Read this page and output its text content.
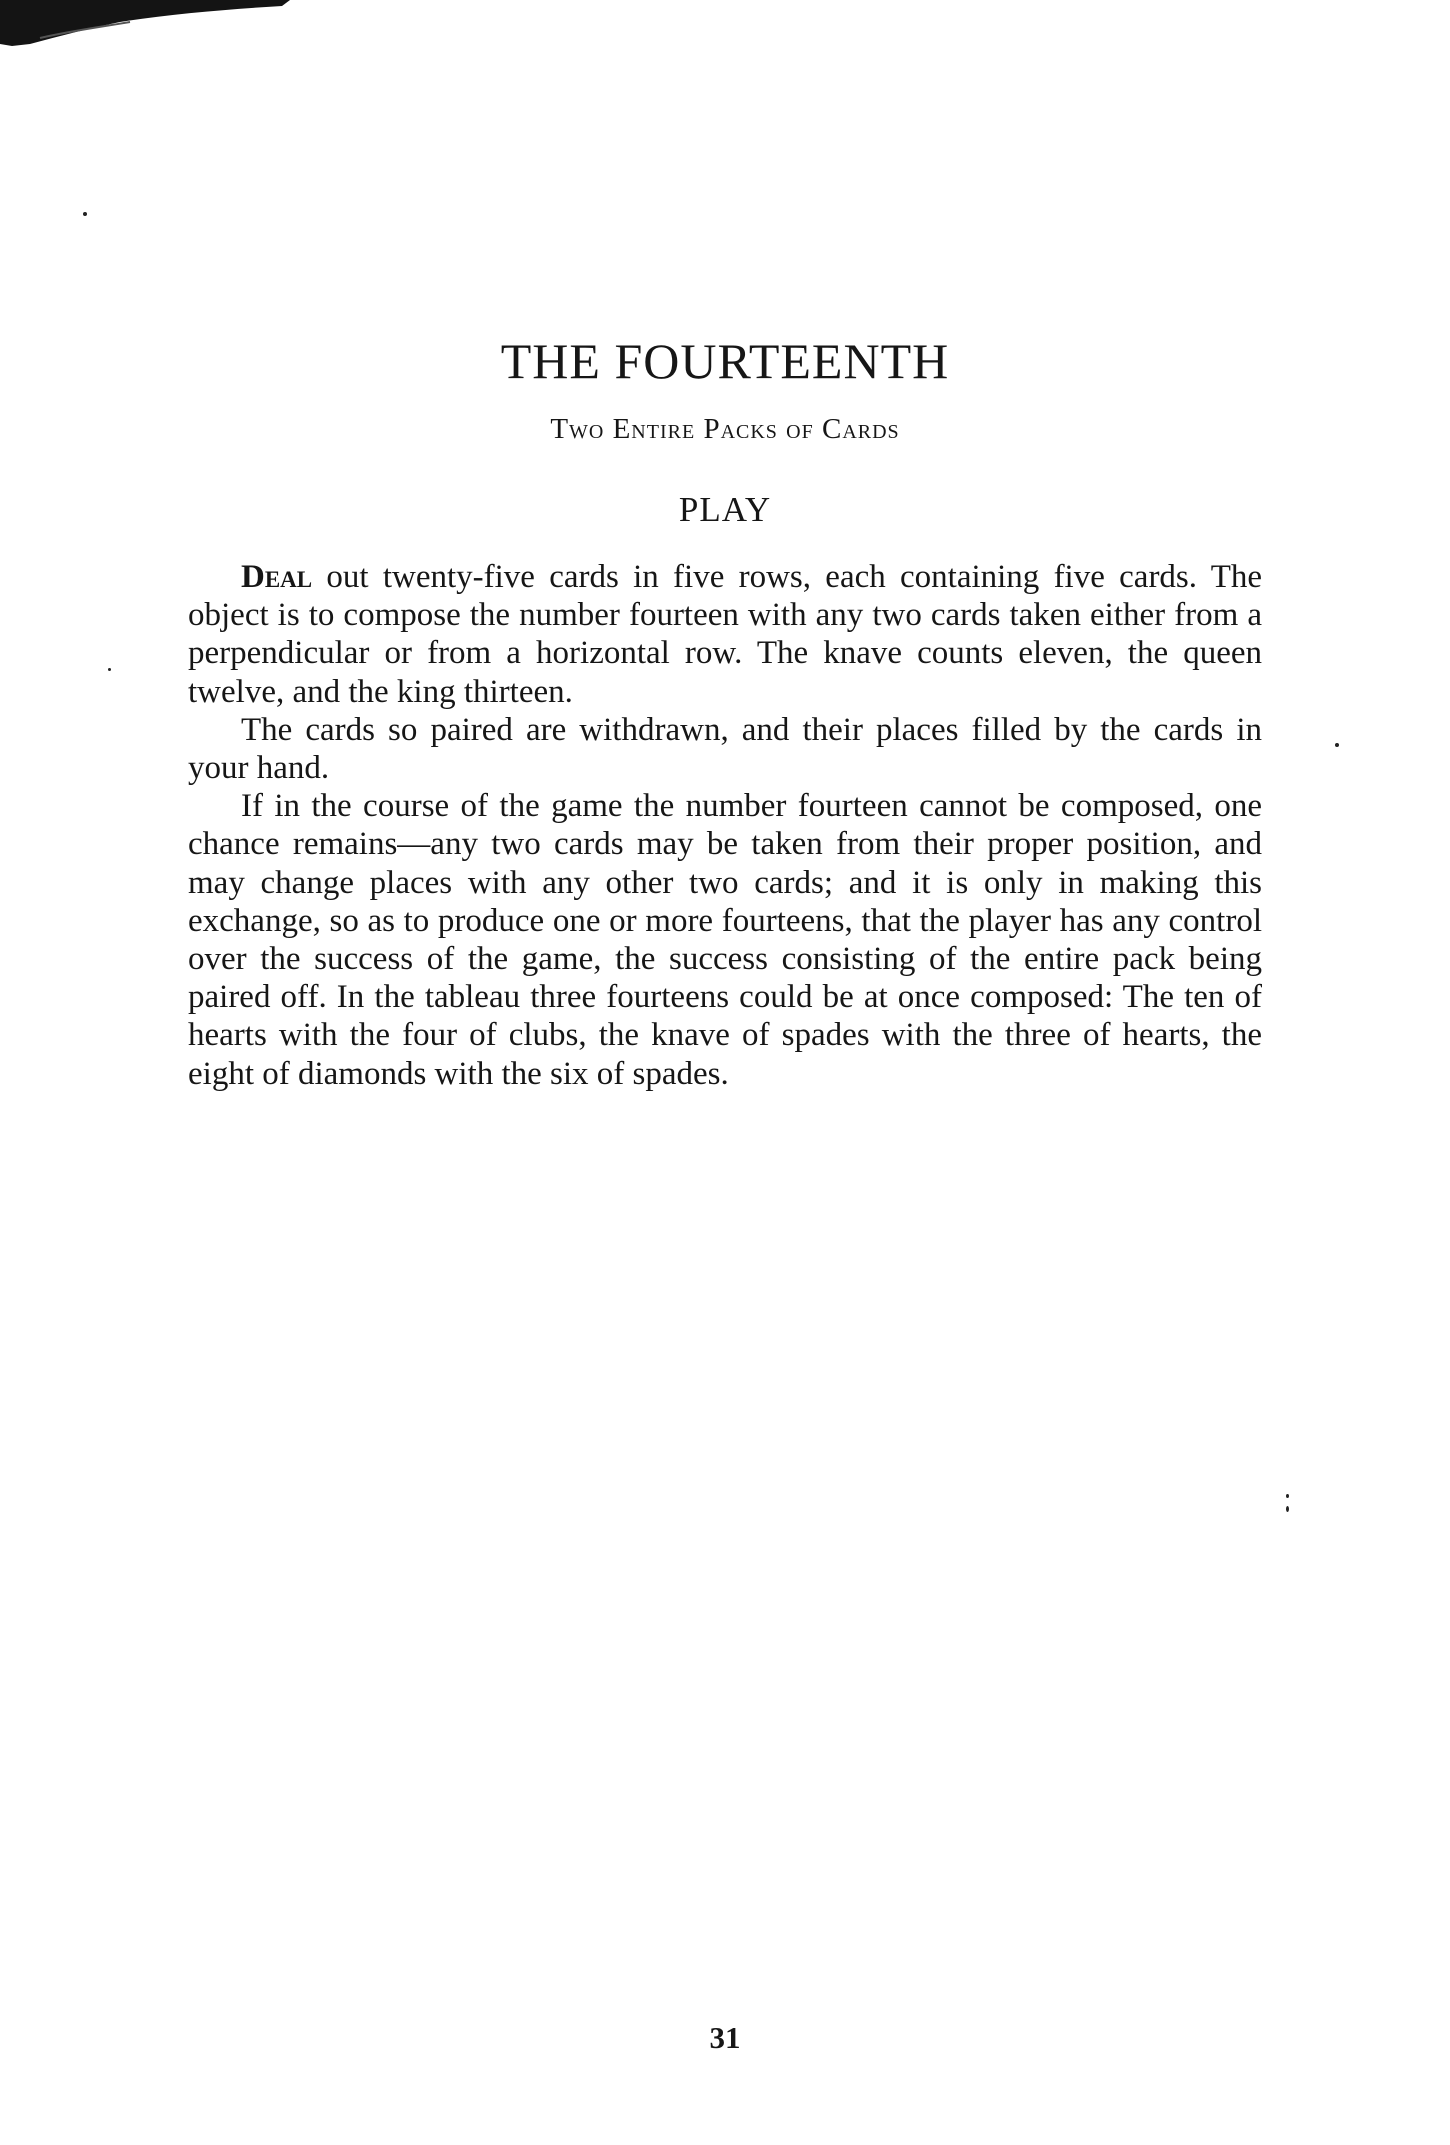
THE FOURTEENTH
Two Entire Packs of Cards
PLAY

Deal out twenty-five cards in five rows, each containing five cards. The object is to compose the number fourteen with any two cards taken either from a perpendicular or from a horizontal row. The knave counts eleven, the queen twelve, and the king thirteen.

The cards so paired are withdrawn, and their places filled by the cards in your hand.

If in the course of the game the number fourteen cannot be composed, one chance remains—any two cards may be taken from their proper position, and may change places with any other two cards; and it is only in making this exchange, so as to produce one or more fourteens, that the player has any control over the success of the game, the success consisting of the entire pack being paired off. In the tableau three fourteens could be at once composed: The ten of hearts with the four of clubs, the knave of spades with the three of hearts, the eight of diamonds with the six of spades.

31
